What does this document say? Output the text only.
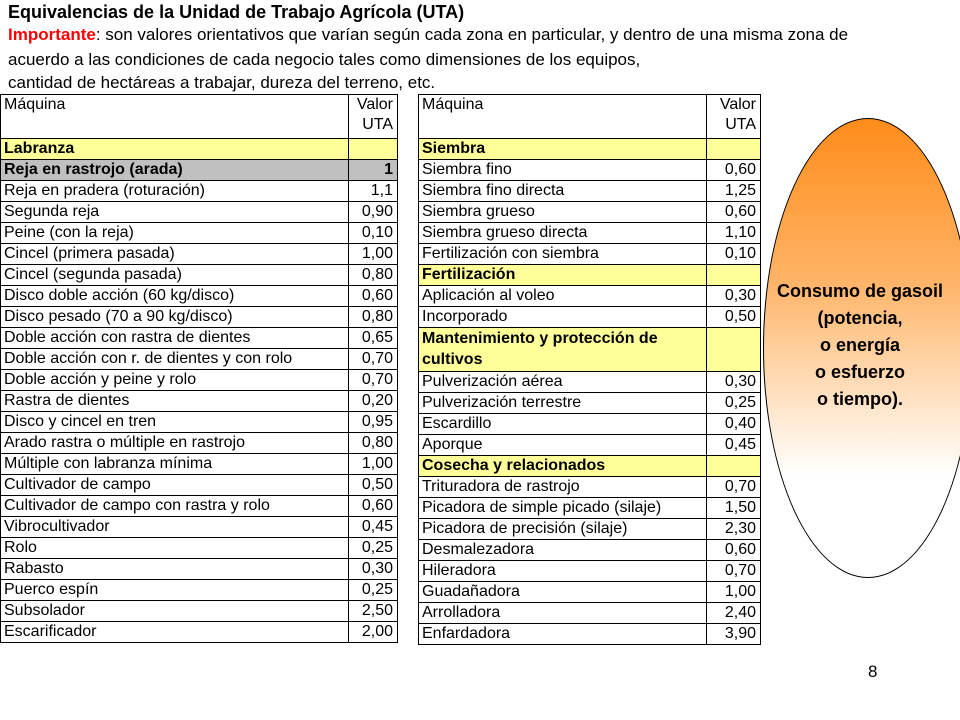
Equivalencias de la Unidad de Trabajo Agrícola (UTA)
Importante: son valores orientativos que varían según cada zona en particular, y dentro de una misma zona de
acuerdo a las condiciones de cada negocio tales como dimensiones de los equipos,
cantidad de hectáreas a trabajar, dureza del terreno, etc.
Máquina	Valor
UTA
Labranza
Reja en rastrojo (arada)	1
Reja en pradera (roturación)	1,1
Segunda reja	0,90
Peine (con la reja)	0,10
Cincel (primera pasada)	1,00
Cincel (segunda pasada)	0,80
Disco doble acción (60 kg/disco)	0,60
Disco pesado (70 a 90 kg/disco)	0,80
Doble acción con rastra de dientes	0,65
Doble acción con r. de dientes y con rolo	0,70
Doble acción y peine y rolo	0,70
Rastra de dientes	0,20
Disco y cincel en tren	0,95
Arado rastra o múltiple en rastrojo	0,80
Múltiple con labranza mínima	1,00
Cultivador de campo	0,50
Cultivador de campo con rastra y rolo	0,60
Vibrocultivador	0,45
Rolo	0,25
Rabasto	0,30
Puerco espín	0,25
Subsolador	2,50
Escarificador	2,00
Máquina	Valor
UTA
Siembra
Siembra fino	0,60
Siembra fino directa	1,25
Siembra grueso	0,60
Siembra grueso directa	1,10
Fertilización con siembra	0,10
Fertilización
Aplicación al voleo	0,30
Incorporado	0,50
Mantenimiento y protección de cultivos
Pulverización aérea	0,30
Pulverización terrestre	0,25
Escardillo	0,40
Aporque	0,45
Cosecha y relacionados
Trituradora de rastrojo	0,70
Picadora de simple picado (silaje)	1,50
Picadora de precisión (silaje)	2,30
Desmalezadora	0,60
Hileradora	0,70
Guadañadora	1,00
Arrolladora	2,40
Enfardadora	3,90
Consumo de gasoil
(potencia,
o energía
o esfuerzo
o tiempo).
8
